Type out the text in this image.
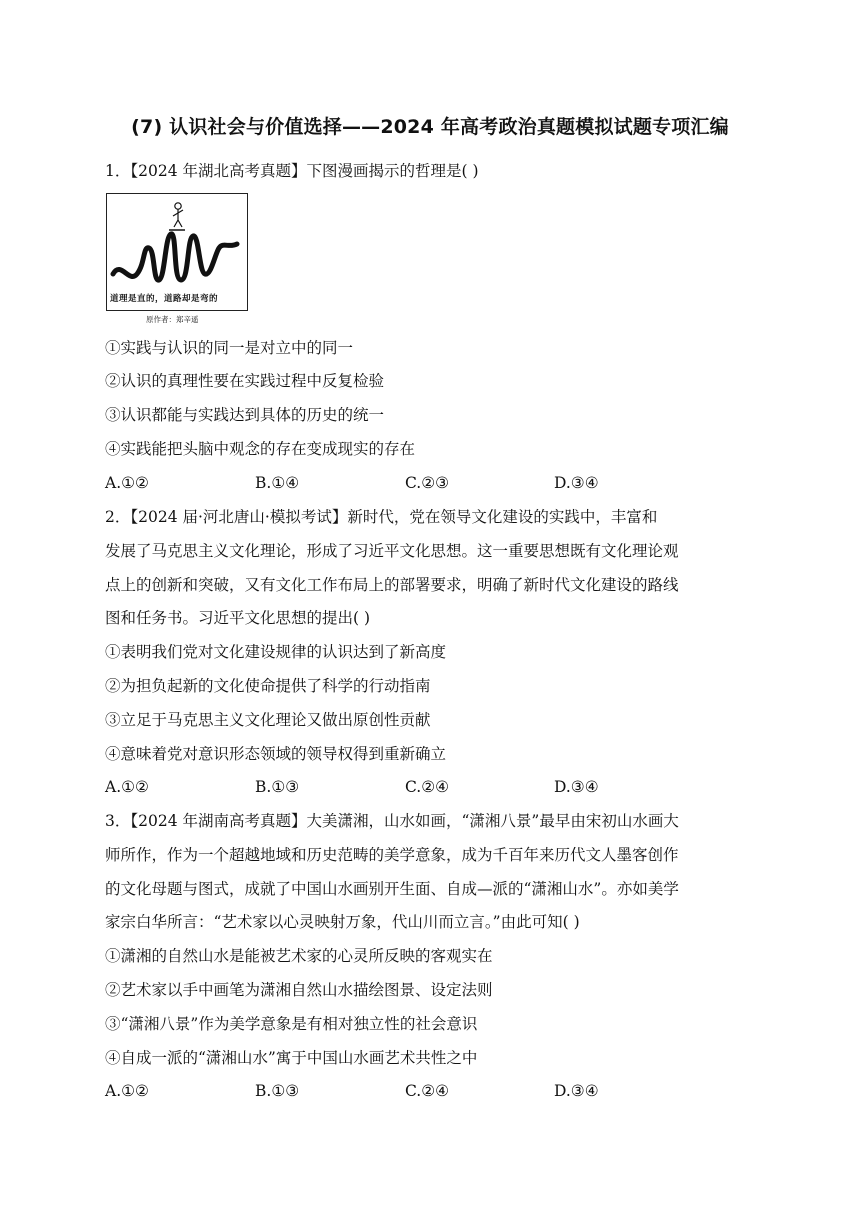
(7) 认识社会与价值选择——2024 年高考政治真题模拟试题专项汇编
1．【2024 年湖北高考真题】下图漫画揭示的哲理是( )
道理是直的，道路却是弯的
原作者：郑辛遥
①实践与认识的同一是对立中的同一
②认识的真理性要在实践过程中反复检验
③认识都能与实践达到具体的历史的统一
④实践能把头脑中观念的存在变成现实的存在
A.①②	B.①④	C.②③	D.③④
2．【2024 届·河北唐山·模拟考试】新时代，党在领导文化建设的实践中，丰富和
发展了马克思主义文化理论，形成了习近平文化思想。这一重要思想既有文化理论观
点上的创新和突破，又有文化工作布局上的部署要求，明确了新时代文化建设的路线
图和任务书。习近平文化思想的提出( )
①表明我们党对文化建设规律的认识达到了新高度
②为担负起新的文化使命提供了科学的行动指南
③立足于马克思主义文化理论又做出原创性贡献
④意味着党对意识形态领域的领导权得到重新确立
A.①②	B.①③	C.②④	D.③④
3．【2024 年湖南高考真题】大美潇湘，山水如画，“潇湘八景”最早由宋初山水画大
师所作，作为一个超越地域和历史范畴的美学意象，成为千百年来历代文人墨客创作
的文化母题与图式，成就了中国山水画别开生面、自成—派的“潇湘山水”。亦如美学
家宗白华所言：“艺术家以心灵映射万象，代山川而立言。”由此可知( )
①潇湘的自然山水是能被艺术家的心灵所反映的客观实在
②艺术家以手中画笔为潇湘自然山水描绘图景、设定法则
③“潇湘八景”作为美学意象是有相对独立性的社会意识
④自成一派的“潇湘山水”寓于中国山水画艺术共性之中
A.①②	B.①③	C.②④	D.③④
